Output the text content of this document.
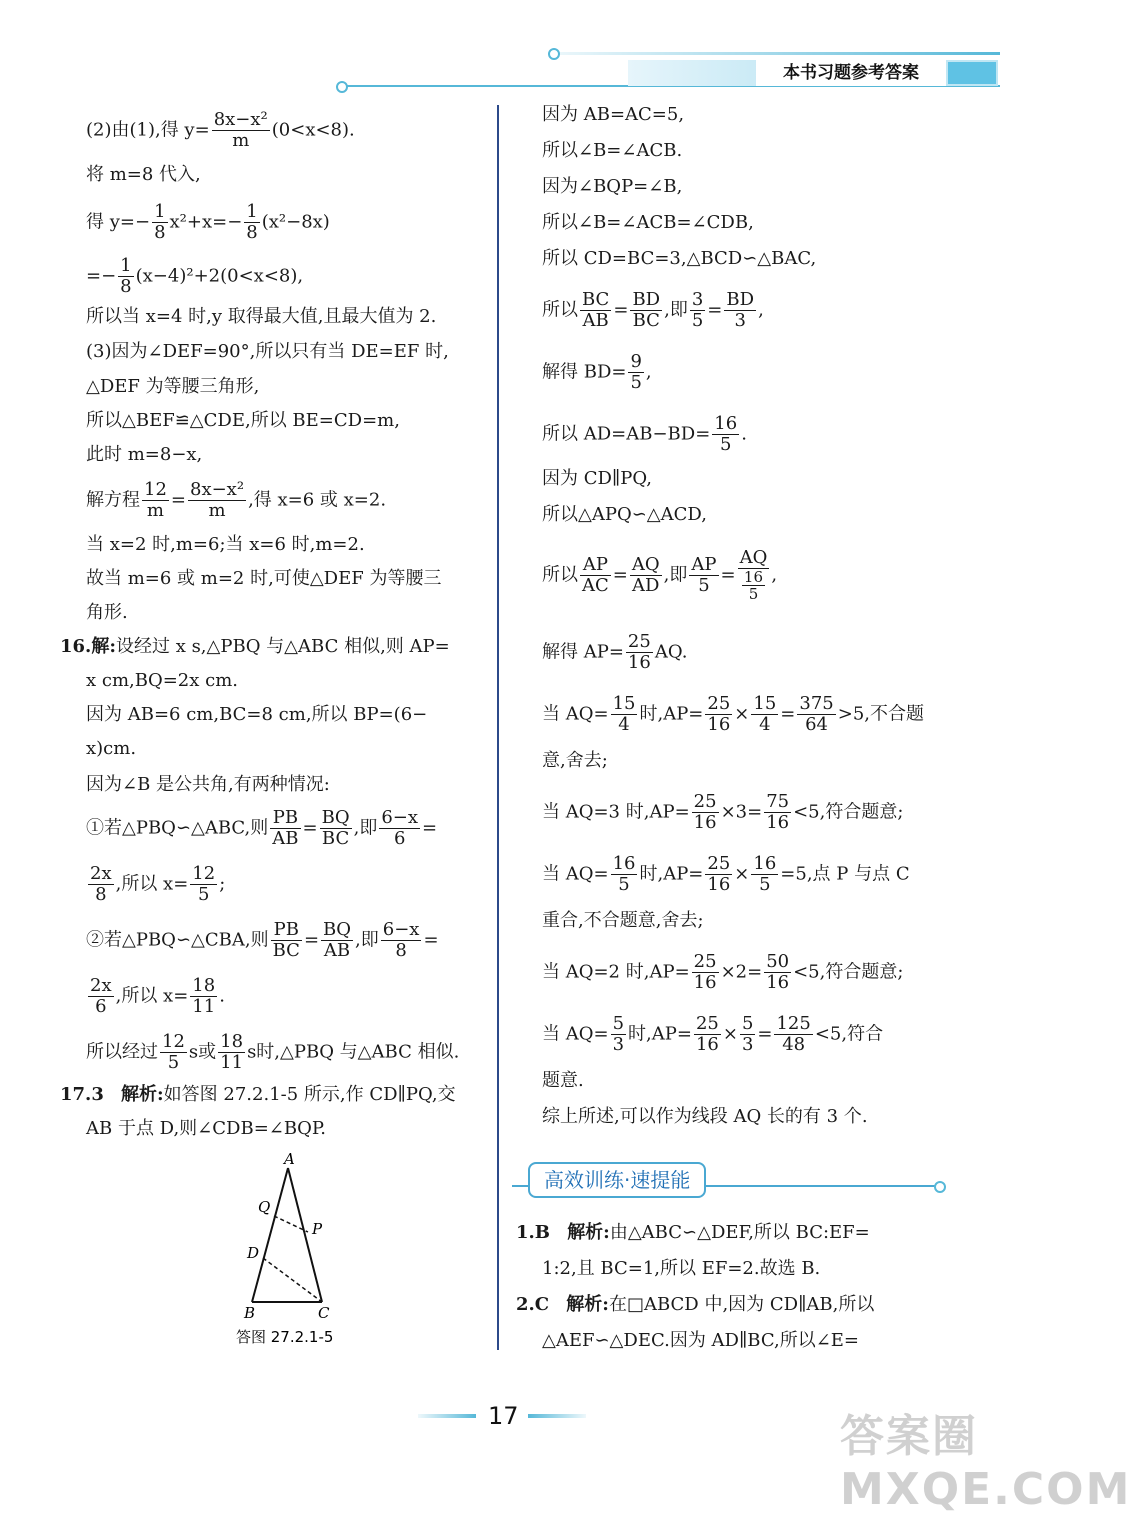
本书习题参考答案
(2)由(1),得 $y= \frac{\text{8x−x²}}{m} (0<x<8)$.
将 m=8 代入,
得 $y=- \frac{1}{8} x^2+x=- \frac{1}{8} (x^2-8x)$
=− $\frac{1}{8} (x-4)^2+2(0<x<8)$,
所以当 x=4 时,y 取得最大值,且最大值为 2.
(3)因为∠DEF=90°,所以只有当 DE=EF 时,
△DEF 为等腰三角形,
所以△BEF≌△CDE,所以 BE=CD=m,
此时 m=8−x,
解方程 $\frac{12}{m} = \frac{\text{8x−x²}}{m}$ ,得 x=6 或 x=2.
当 x=2 时,m=6;当 x=6 时,m=2.
故当 m=6 或 m=2 时,可使△DEF 为等腰三
角形.
16.解:设经过 x s,△PBQ 与△ABC 相似,则 AP=
x cm,BQ=2x cm.
因为 AB=6 cm,BC=8 cm,所以 BP=(6−
x)cm.
因为∠B 是公共角,有两种情况:
①若△PBQ∽△ABC,则 $\frac{PB}{AB} = \frac{BQ}{BC}$ ,即 $\frac{6-x}{6}$ =
$\frac{2x}{8}$ ,所以 $x= \frac{12}{5}$ ;
②若△PBQ∽△CBA,则 $\frac{PB}{BC} = \frac{BQ}{AB}$ ,即 $\frac{6-x}{8}$ =
$\frac{2x}{6}$ ,所以 $x= \frac{18}{11}$ .
所以经过 $\frac{12}{5}$ s或 $\frac{18}{11}$ s时,△PBQ 与△ABC 相似.
17.3 解析:如答图 27.2.1-5 所示,作 CD∥PQ,交
AB 于点 D,则∠CDB=∠BQP.
A
Q
P
D
B	C
答图 27.2.1-5
因为 AB=AC=5,
所以∠B=∠ACB.
因为∠BQP=∠B,
所以∠B=∠ACB=∠CDB,
所以 CD=BC=3,△BCD∽△BAC,
所以 $\frac{BC}{AB} = \frac{BD}{BC}$ ,即 $\frac{3}{5} = \frac{BD}{3}$ ,
解得 $BD= \frac{9}{5}$ ,
所以 $AD=AB-BD= \frac{16}{5}$ .
因为 CD∥PQ,
所以△APQ∽△ACD,
所以 $\frac{AP}{AC} = \frac{AQ}{AD}$ ,即 $\frac{AP}{5} = \frac{AQ}{\frac{16}{5}}$ ,
解得 $AP= \frac{25}{16}$ AQ.
当 $AQ= \frac{15}{4}$ 时$,AP= \frac{25}{16} \times \frac{15}{4} = \frac{375}{64} >5$,不合题
意,舍去;
当 AQ=3 时$,AP= \frac{25}{16} \times 3= \frac{75}{16} <5$,符合题意;
当 $AQ= \frac{16}{5}$ 时$,AP= \frac{25}{16} \times \frac{16}{5} =5$,点 P 与点 C
重合,不合题意,舍去;
当 AQ=2 时$,AP= \frac{25}{16} \times 2= \frac{50}{16} <5$,符合题意;
当 $AQ= \frac{5}{3}$ 时$,AP= \frac{25}{16} \times \frac{5}{3} = \frac{125}{48} <5$,符合
题意.
综上所述,可以作为线段 AQ 长的有 3 个.
1.B 解析:由△ABC∽△DEF,所以 BC:EF=
1:2,且 BC=1,所以 EF=2.故选 B.
2.C 解析:在□ABCD 中,因为 CD∥AB,所以
△AEF∽△DEC.因为 AD∥BC,所以∠E=
高效训练·速提能
17	答案圈 MXQE.COM
